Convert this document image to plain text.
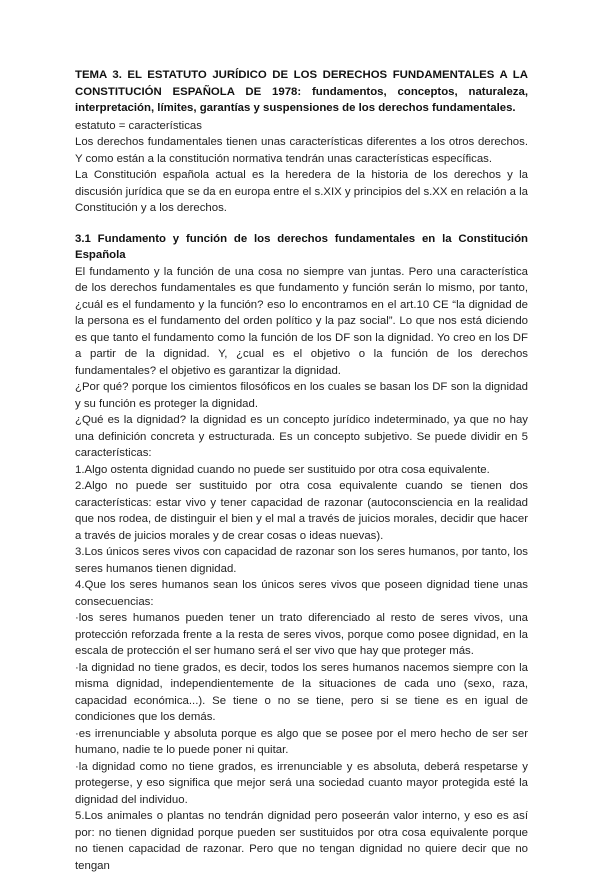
TEMA 3. EL ESTATUTO JURÍDICO DE LOS DERECHOS FUNDAMENTALES A LA CONSTITUCIÓN ESPAÑOLA DE 1978: fundamentos, conceptos, naturaleza, interpretación, límites, garantías y suspensiones de los derechos fundamentales.

estatuto = características

Los derechos fundamentales tienen unas características diferentes a los otros derechos. Y como están a la constitución normativa tendrán unas características específicas.

La Constitución española actual es la heredera de la historia de los derechos y la discusión jurídica que se da en europa entre el s.XIX y principios del s.XX en relación a la Constitución y a los derechos.

3.1 Fundamento y función de los derechos fundamentales en la Constitución Española

El fundamento y la función de una cosa no siempre van juntas. Pero una característica de los derechos fundamentales es que fundamento y función serán lo mismo, por tanto, ¿cuál es el fundamento y la función? eso lo encontramos en el art.10 CE “la dignidad de la persona es el fundamento del orden político y la paz social”. Lo que nos está diciendo es que tanto el fundamento como la función de los DF son la dignidad. Yo creo en los DF a partir de la dignidad. Y, ¿cual es el objetivo o la función de los derechos fundamentales? el objetivo es garantizar la dignidad.

¿Por qué? porque los cimientos filosóficos en los cuales se basan los DF son la dignidad y su función es proteger la dignidad.

¿Qué es la dignidad? la dignidad es un concepto jurídico indeterminado, ya que no hay una definición concreta y estructurada. Es un concepto subjetivo. Se puede dividir en 5 características:

1.Algo ostenta dignidad cuando no puede ser sustituido por otra cosa equivalente.

2.Algo no puede ser sustituido por otra cosa equivalente cuando se tienen dos características: estar vivo y tener capacidad de razonar (autoconsciencia en la realidad que nos rodea, de distinguir el bien y el mal a través de juicios morales, decidir que hacer a través de juicios morales y de crear cosas o ideas nuevas).

3.Los únicos seres vivos con capacidad de razonar son los seres humanos, por tanto, los seres humanos tienen dignidad.

4.Que los seres humanos sean los únicos seres vivos que poseen dignidad tiene unas consecuencias:

·los seres humanos pueden tener un trato diferenciado al resto de seres vivos, una protección reforzada frente a la resta de seres vivos, porque como posee dignidad, en la escala de protección el ser humano será el ser vivo que hay que proteger más.

·la dignidad no tiene grados, es decir, todos los seres humanos nacemos siempre con la misma dignidad, independientemente de la situaciones de cada uno (sexo, raza, capacidad económica...). Se tiene o no se tiene, pero si se tiene es en igual de condiciones que los demás.

·es irrenunciable y absoluta porque es algo que se posee por el mero hecho de ser ser humano, nadie te lo puede poner ni quitar.

·la dignidad como no tiene grados, es irrenunciable y es absoluta, deberá respetarse y protegerse, y eso significa que mejor será una sociedad cuanto mayor protegida esté la dignidad del individuo.

5.Los animales o plantas no tendrán dignidad pero poseerán valor interno, y eso es así por: no tienen dignidad porque pueden ser sustituidos por otra cosa equivalente porque no tienen capacidad de razonar. Pero que no tengan dignidad no quiere decir que no tengan
